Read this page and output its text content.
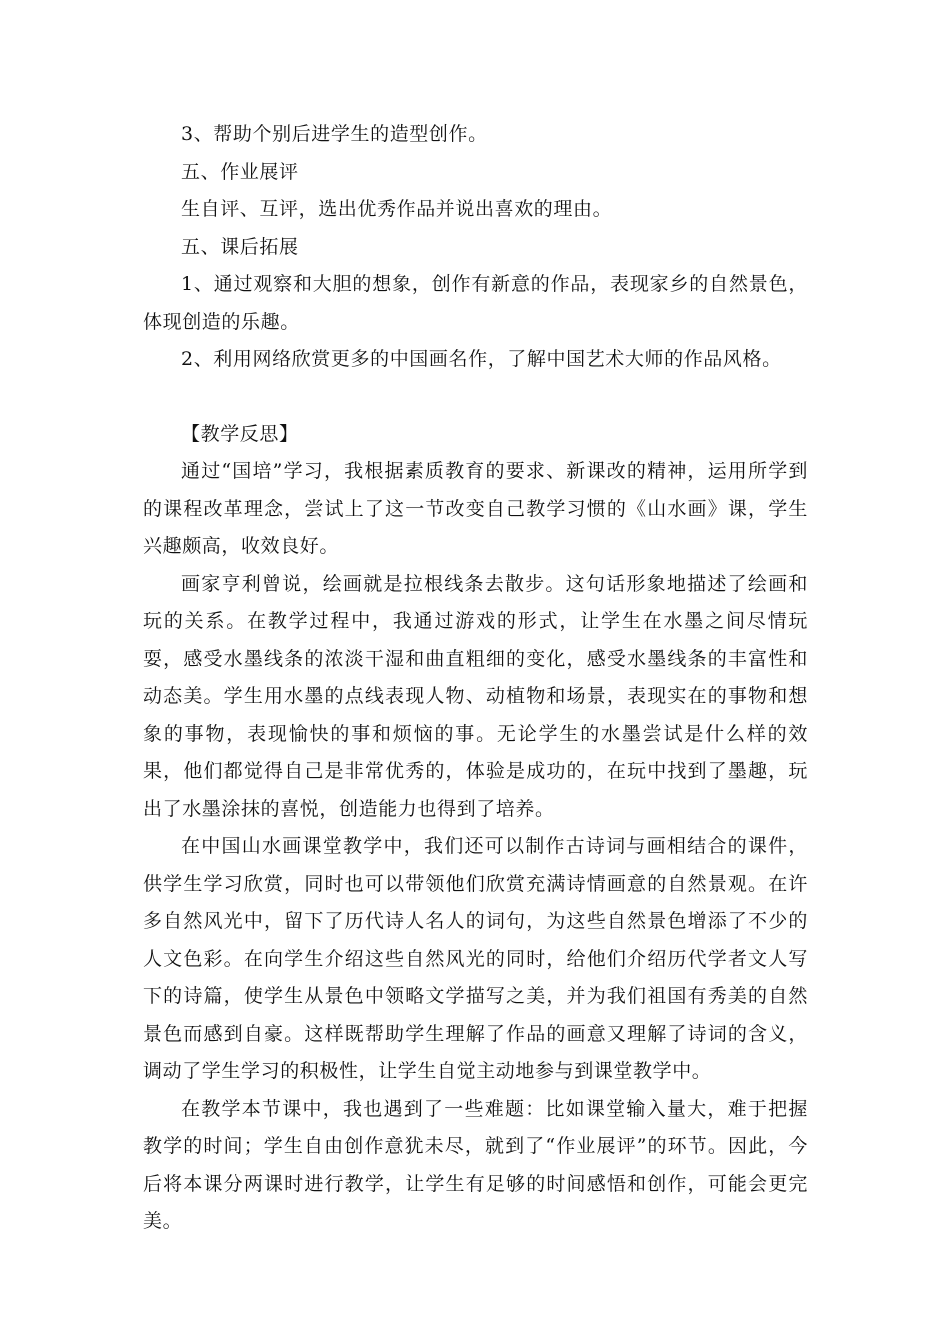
3、帮助个别后进学生的造型创作。

五、作业展评

生自评、互评，选出优秀作品并说出喜欢的理由。

五、课后拓展

1、通过观察和大胆的想象，创作有新意的作品，表现家乡的自然景色，体现创造的乐趣。

2、利用网络欣赏更多的中国画名作，了解中国艺术大师的作品风格。

【教学反思】

通过“国培”学习，我根据素质教育的要求、新课改的精神，运用所学到的课程改革理念，尝试上了这一节改变自己教学习惯的《山水画》课，学生兴趣颇高，收效良好。

画家亨利曾说，绘画就是拉根线条去散步。这句话形象地描述了绘画和玩的关系。在教学过程中，我通过游戏的形式，让学生在水墨之间尽情玩耍，感受水墨线条的浓淡干湿和曲直粗细的变化，感受水墨线条的丰富性和动态美。学生用水墨的点线表现人物、动植物和场景，表现实在的事物和想象的事物，表现愉快的事和烦恼的事。无论学生的水墨尝试是什么样的效果，他们都觉得自己是非常优秀的，体验是成功的，在玩中找到了墨趣，玩出了水墨涂抹的喜悦，创造能力也得到了培养。

在中国山水画课堂教学中，我们还可以制作古诗词与画相结合的课件，供学生学习欣赏，同时也可以带领他们欣赏充满诗情画意的自然景观。在许多自然风光中，留下了历代诗人名人的词句，为这些自然景色增添了不少的人文色彩。在向学生介绍这些自然风光的同时，给他们介绍历代学者文人写下的诗篇，使学生从景色中领略文学描写之美，并为我们祖国有秀美的自然景色而感到自豪。这样既帮助学生理解了作品的画意又理解了诗词的含义，调动了学生学习的积极性，让学生自觉主动地参与到课堂教学中。

在教学本节课中，我也遇到了一些难题：比如课堂输入量大，难于把握教学的时间；学生自由创作意犹未尽，就到了“作业展评”的环节。因此，今后将本课分两课时进行教学，让学生有足够的时间感悟和创作，可能会更完美。
